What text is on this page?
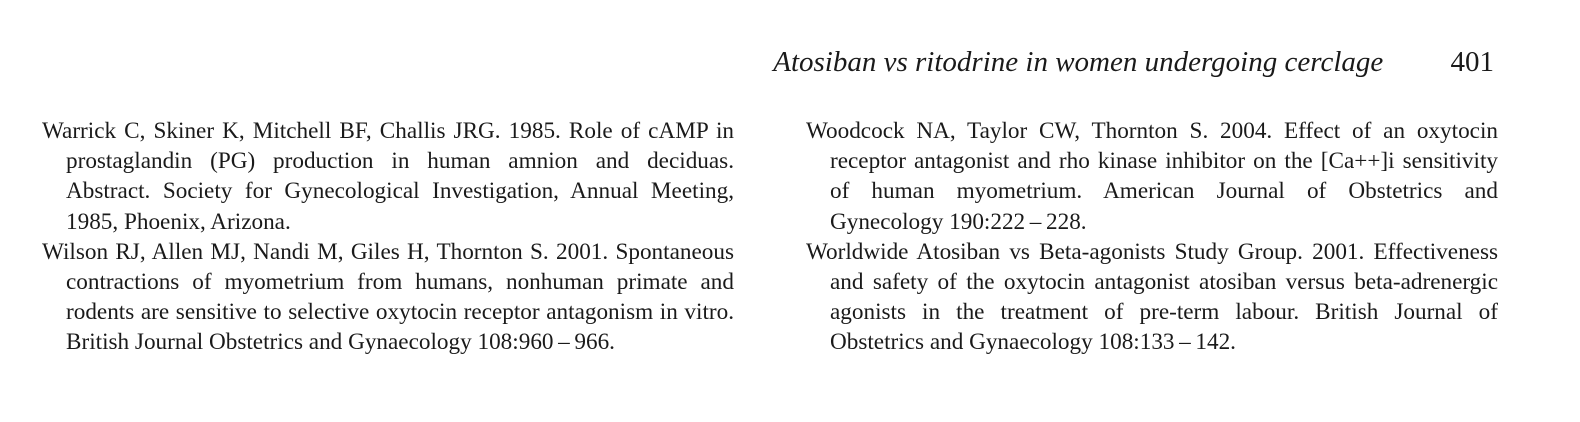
Atosiban vs ritodrine in women undergoing cerclage 401

Warrick C, Skiner K, Mitchell BF, Challis JRG. 1985. Role of cAMP in prostaglandin (PG) production in human amnion and deciduas. Abstract. Society for Gynecological Investigation, Annual Meeting, 1985, Phoenix, Arizona.

Wilson RJ, Allen MJ, Nandi M, Giles H, Thornton S. 2001. Spontaneous contractions of myometrium from humans, nonhuman primate and rodents are sensitive to selective oxytocin receptor antagonism in vitro. British Journal Obstetrics and Gynaecology 108:960 – 966.

Woodcock NA, Taylor CW, Thornton S. 2004. Effect of an oxytocin receptor antagonist and rho kinase inhibitor on the [Ca++]i sensitivity of human myometrium. American Journal of Obstetrics and Gynecology 190:222 – 228.

Worldwide Atosiban vs Beta-agonists Study Group. 2001. Effectiveness and safety of the oxytocin antagonist atosiban versus beta-adrenergic agonists in the treatment of pre-term labour. British Journal of Obstetrics and Gynaecology 108:133 – 142.
